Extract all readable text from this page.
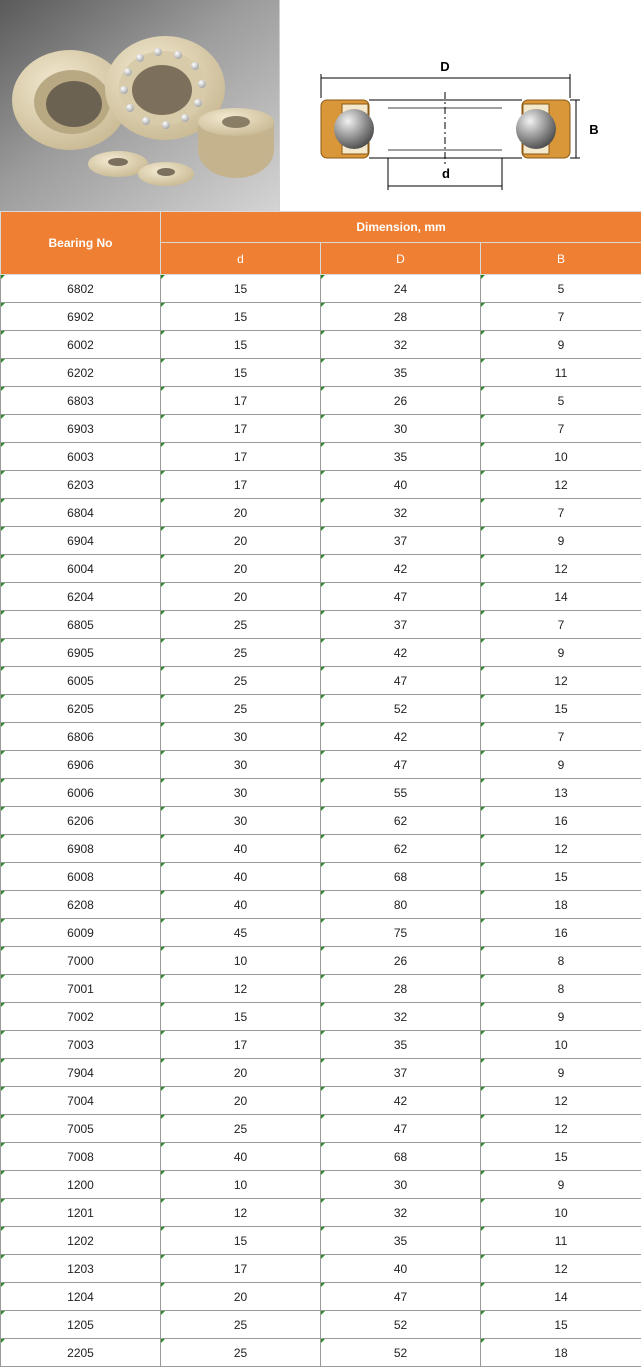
D
d
B
Bearing No	Dimension, mm		
	d	D	B
6802	15	24	5
6902	15	28	7
6002	15	32	9
6202	15	35	11
6803	17	26	5
6903	17	30	7
6003	17	35	10
6203	17	40	12
6804	20	32	7
6904	20	37	9
6004	20	42	12
6204	20	47	14
6805	25	37	7
6905	25	42	9
6005	25	47	12
6205	25	52	15
6806	30	42	7
6906	30	47	9
6006	30	55	13
6206	30	62	16
6908	40	62	12
6008	40	68	15
6208	40	80	18
6009	45	75	16
7000	10	26	8
7001	12	28	8
7002	15	32	9
7003	17	35	10
7904	20	37	9
7004	20	42	12
7005	25	47	12
7008	40	68	15
1200	10	30	9
1201	12	32	10
1202	15	35	11
1203	17	40	12
1204	20	47	14
1205	25	52	15
2205	25	52	18
